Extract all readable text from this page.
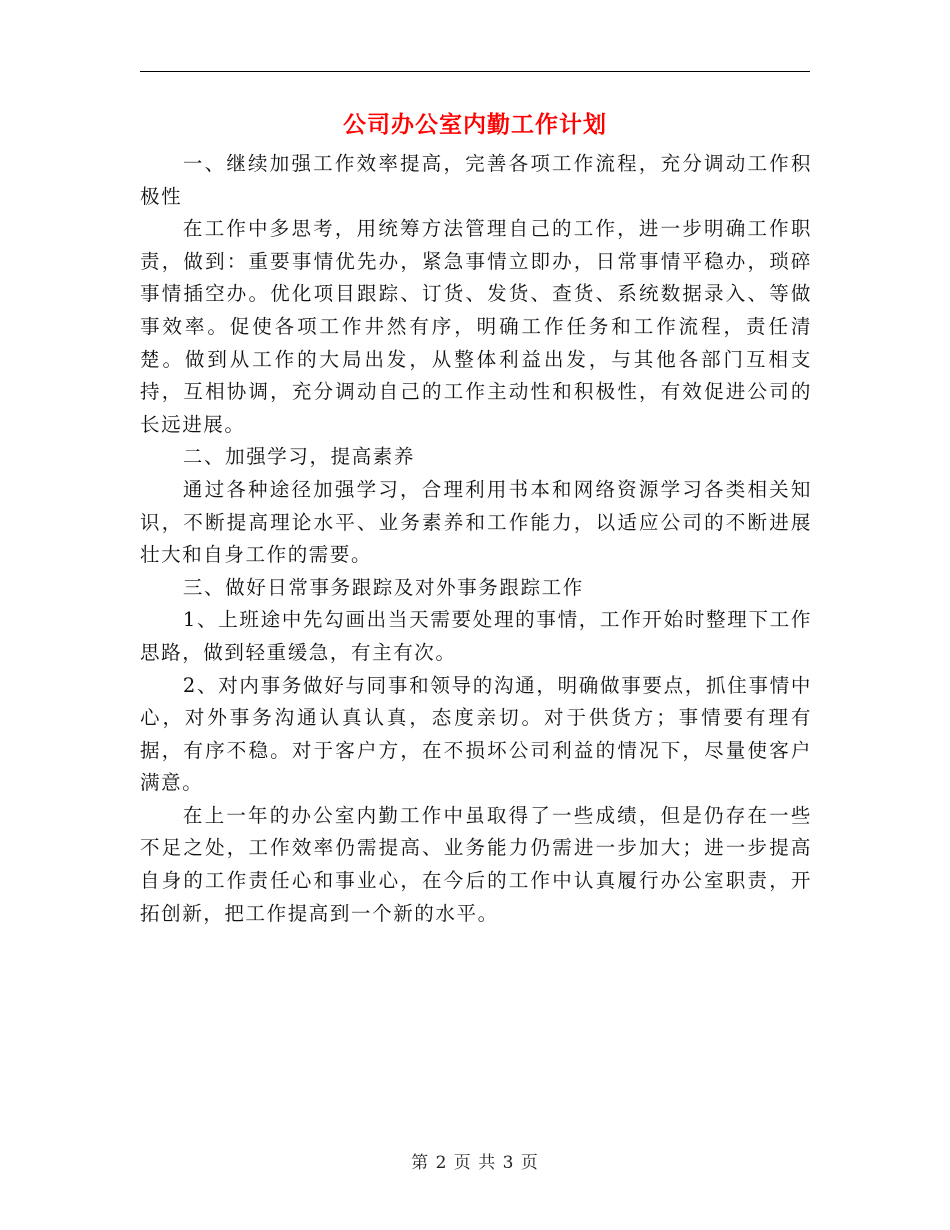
公司办公室内勤工作计划

一、继续加强工作效率提高，完善各项工作流程，充分调动工作积极性

在工作中多思考，用统筹方法管理自己的工作，进一步明确工作职责，做到：重要事情优先办，紧急事情立即办，日常事情平稳办，琐碎事情插空办。优化项目跟踪、订货、发货、查货、系统数据录入、等做事效率。促使各项工作井然有序，明确工作任务和工作流程，责任清楚。做到从工作的大局出发，从整体利益出发，与其他各部门互相支持，互相协调，充分调动自己的工作主动性和积极性，有效促进公司的长远进展。

二、加强学习，提高素养

通过各种途径加强学习，合理利用书本和网络资源学习各类相关知识，不断提高理论水平、业务素养和工作能力，以适应公司的不断进展壮大和自身工作的需要。

三、做好日常事务跟踪及对外事务跟踪工作

1、上班途中先勾画出当天需要处理的事情，工作开始时整理下工作思路，做到轻重缓急，有主有次。

2、对内事务做好与同事和领导的沟通，明确做事要点，抓住事情中心，对外事务沟通认真认真，态度亲切。对于供货方；事情要有理有据，有序不稳。对于客户方，在不损坏公司利益的情况下，尽量使客户满意。

在上一年的办公室内勤工作中虽取得了一些成绩，但是仍存在一些不足之处，工作效率仍需提高、业务能力仍需进一步加大；进一步提高自身的工作责任心和事业心，在今后的工作中认真履行办公室职责，开拓创新，把工作提高到一个新的水平。

第 2 页 共 3 页
